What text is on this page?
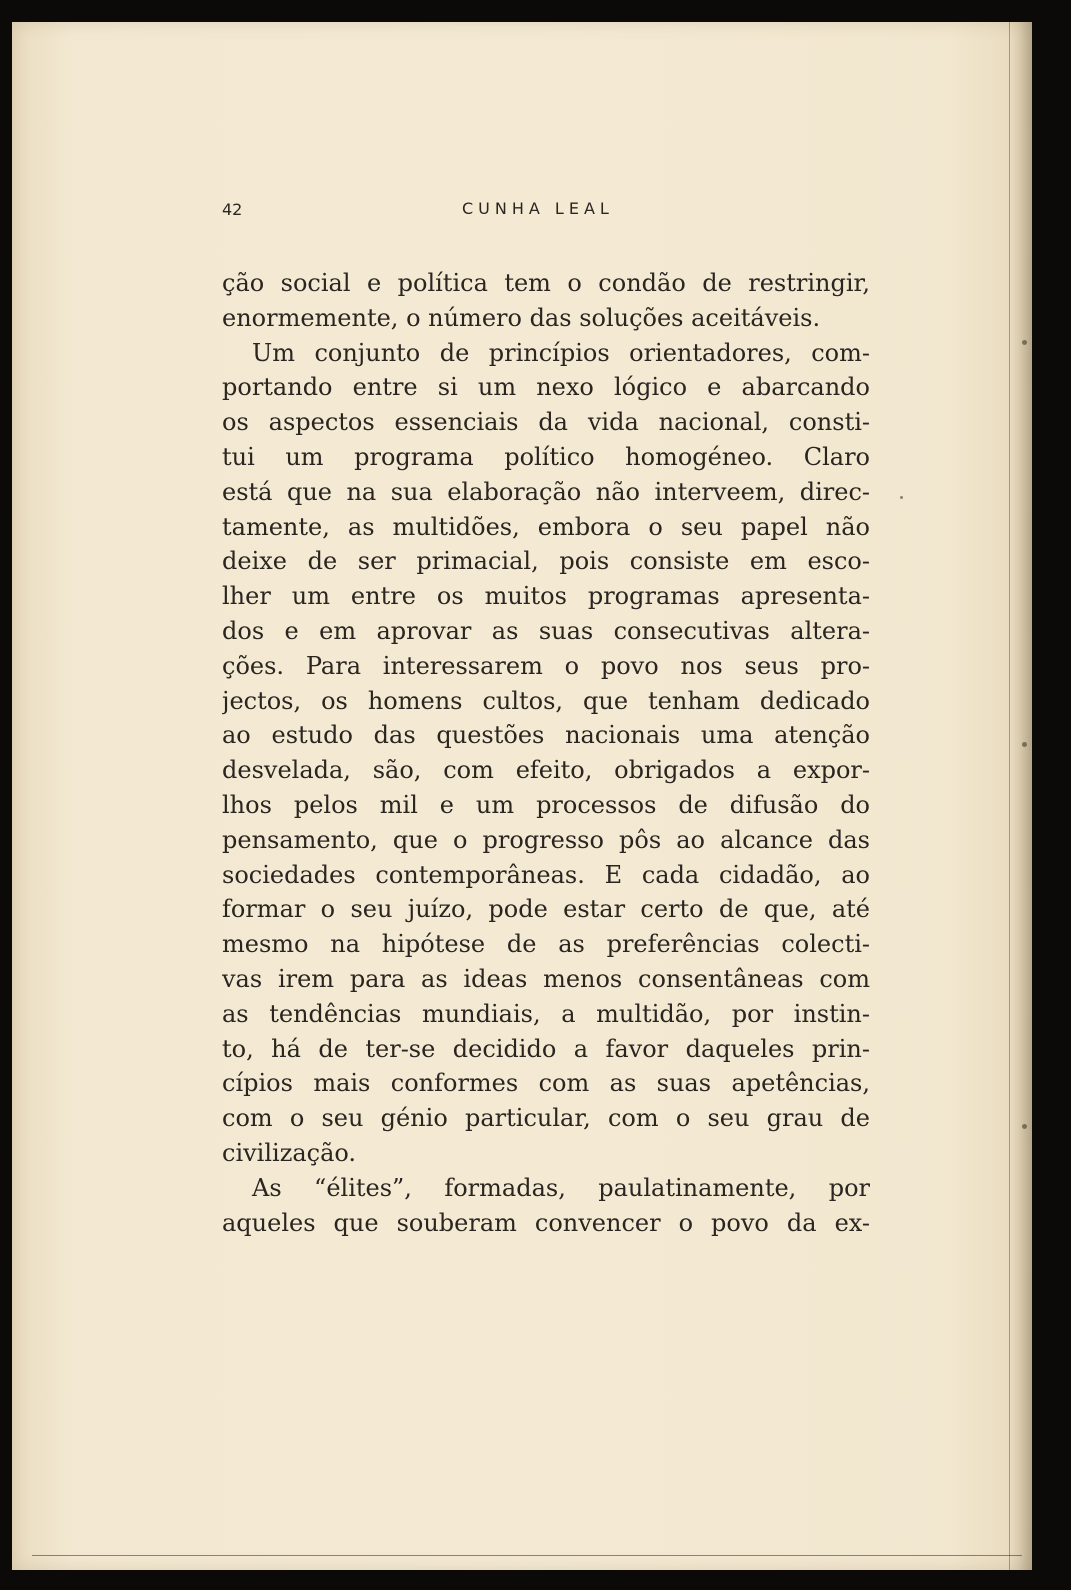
42	CUNHA LEAL
ção social e política tem o condão de restringir,
enormemente, o número das soluções aceitáveis.
Um conjunto de princípios orientadores, com-
portando entre si um nexo lógico e abarcando
os aspectos essenciais da vida nacional, consti-
tui um programa político homogéneo. Claro
está que na sua elaboração não interveem, direc-
tamente, as multidões, embora o seu papel não
deixe de ser primacial, pois consiste em esco-
lher um entre os muitos programas apresenta-
dos e em aprovar as suas consecutivas altera-
ções. Para interessarem o povo nos seus pro-
jectos, os homens cultos, que tenham dedicado
ao estudo das questões nacionais uma atenção
desvelada, são, com efeito, obrigados a expor-
lhos pelos mil e um processos de difusão do
pensamento, que o progresso pôs ao alcance das
sociedades contemporâneas. E cada cidadão, ao
formar o seu juízo, pode estar certo de que, até
mesmo na hipótese de as preferências colecti-
vas irem para as ideas menos consentâneas com
as tendências mundiais, a multidão, por instin-
to, há de ter-se decidido a favor daqueles prin-
cípios mais conformes com as suas apetências,
com o seu génio particular, com o seu grau de
civilização.
As “élites”, formadas, paulatinamente, por
aqueles que souberam convencer o povo da ex-
